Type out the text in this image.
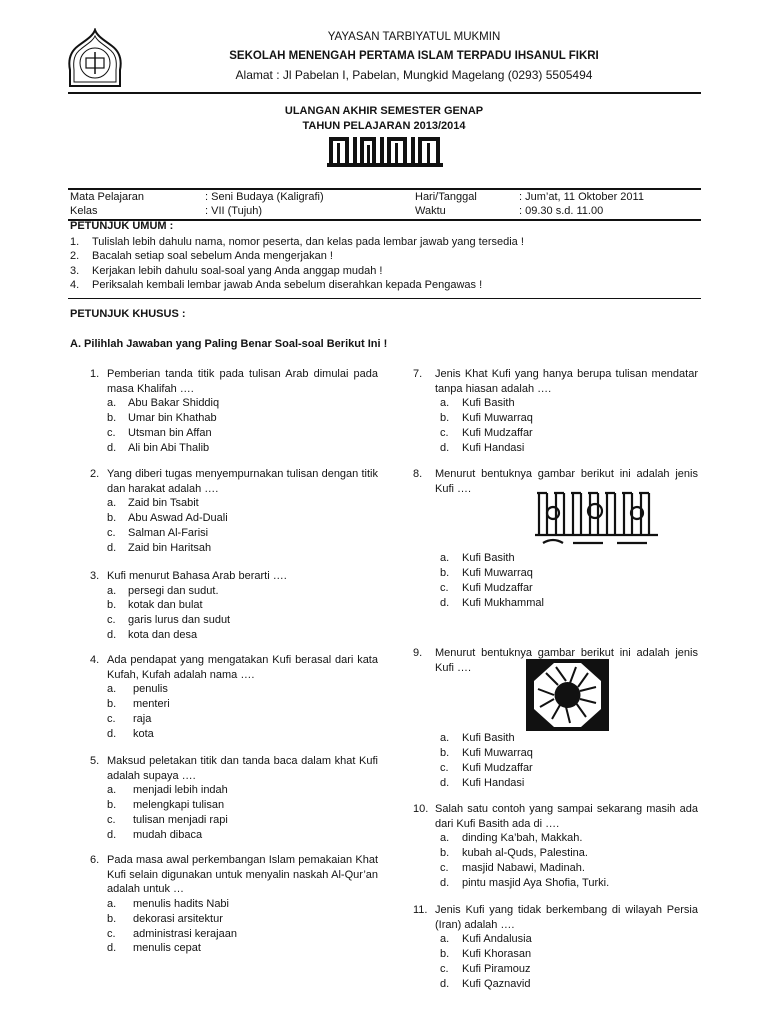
YAYASAN TARBIYATUL MUKMIN
SEKOLAH MENENGAH PERTAMA ISLAM TERPADU IHSANUL FIKRI
Alamat : Jl Pabelan I, Pabelan, Mungkid Magelang (0293) 5505494
ULANGAN AKHIR SEMESTER GENAP
TAHUN PELAJARAN 2013/2014
Mata Pelajaran	: Seni Budaya (Kaligrafi)	Hari/Tanggal	: Jum’at, 11 Oktober 2011
Kelas	: VII (Tujuh)	Waktu	: 09.30 s.d. 11.00
PETUNJUK UMUM :
1. Tulislah lebih dahulu nama, nomor peserta, dan kelas pada lembar jawab yang tersedia !
2. Bacalah setiap soal sebelum Anda mengerjakan !
3. Kerjakan lebih dahulu soal-soal yang Anda anggap mudah !
4. Periksalah kembali lembar jawab Anda sebelum diserahkan kepada Pengawas !
PETUNJUK KHUSUS :
A. Pilihlah Jawaban yang Paling Benar Soal-soal Berikut Ini !
1. Pemberian tanda titik pada tulisan Arab dimulai pada masa Khalifah ….
a. Abu Bakar Shiddiq
b. Umar bin Khathab
c. Utsman bin Affan
d. Ali bin Abi Thalib
2. Yang diberi tugas menyempurnakan tulisan dengan titik dan harakat adalah ….
a. Zaid bin Tsabit
b. Abu Aswad Ad-Duali
c. Salman Al-Farisi
d. Zaid bin Haritsah
3. Kufi menurut Bahasa Arab berarti ….
a. persegi dan sudut.
b. kotak dan bulat
c. garis lurus dan sudut
d. kota dan desa
4. Ada pendapat yang mengatakan Kufi berasal dari kata Kufah, Kufah adalah nama ….
a. penulis
b. menteri
c. raja
d. kota
5. Maksud peletakan titik dan tanda baca dalam khat Kufi adalah supaya ….
a. menjadi lebih indah
b. melengkapi tulisan
c. tulisan menjadi rapi
d. mudah dibaca
6. Pada masa awal perkembangan Islam pemakaian Khat Kufi selain digunakan untuk menyalin naskah Al-Qur’an adalah untuk …
a. menulis hadits Nabi
b. dekorasi arsitektur
c. administrasi kerajaan
d. menulis cepat
7. Jenis Khat Kufi yang hanya berupa tulisan mendatar tanpa hiasan adalah ….
a. Kufi Basith
b. Kufi Muwarraq
c. Kufi Mudzaffar
d. Kufi Handasi
8. Menurut bentuknya gambar berikut ini adalah jenis Kufi ….
a. Kufi Basith
b. Kufi Muwarraq
c. Kufi Mudzaffar
d. Kufi Mukhammal
9. Menurut bentuknya gambar berikut ini adalah jenis Kufi ….
a. Kufi Basith
b. Kufi Muwarraq
c. Kufi Mudzaffar
d. Kufi Handasi
10. Salah satu contoh yang sampai sekarang masih ada dari Kufi Basith ada di ….
a. dinding Ka’bah, Makkah.
b. kubah al-Quds, Palestina.
c. masjid Nabawi, Madinah.
d. pintu masjid Aya Shofia, Turki.
11. Jenis Kufi yang tidak berkembang di wilayah Persia (Iran) adalah ….
a. Kufi Andalusia
b. Kufi Khorasan
c. Kufi Piramouz
d. Kufi Qaznavid
